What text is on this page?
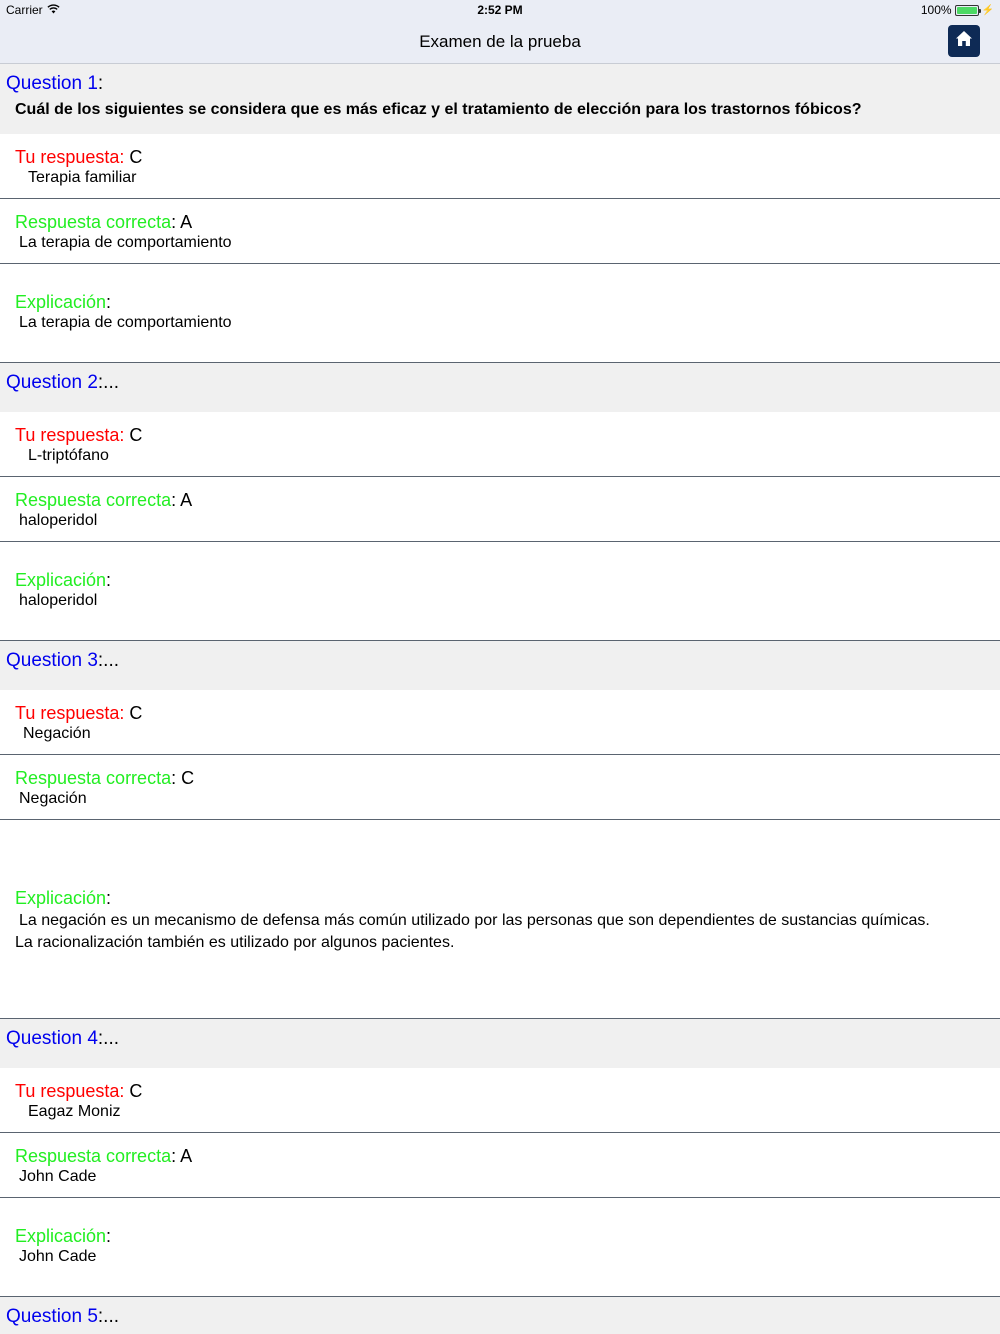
Carrier	2:52 PM	100%	⚡
Examen de la prueba
Question 1:
Cuál de los siguientes se considera que es más eficaz y el tratamiento de elección para los trastornos fóbicos?
Tu respuesta: C
Terapia familiar
Respuesta correcta: A
La terapia de comportamiento
Explicación:
La terapia de comportamiento
Question 2:...
Tu respuesta: C
L-triptófano
Respuesta correcta: A
haloperidol
Explicación:
haloperidol
Question 3:...
Tu respuesta: C
Negación
Respuesta correcta: C
Negación
Explicación:
La negación es un mecanismo de defensa más común utilizado por las personas que son dependientes de sustancias químicas.
La racionalización también es utilizado por algunos pacientes.
Question 4:...
Tu respuesta: C
Eagaz Moniz
Respuesta correcta: A
John Cade
Explicación:
John Cade
Question 5:...
